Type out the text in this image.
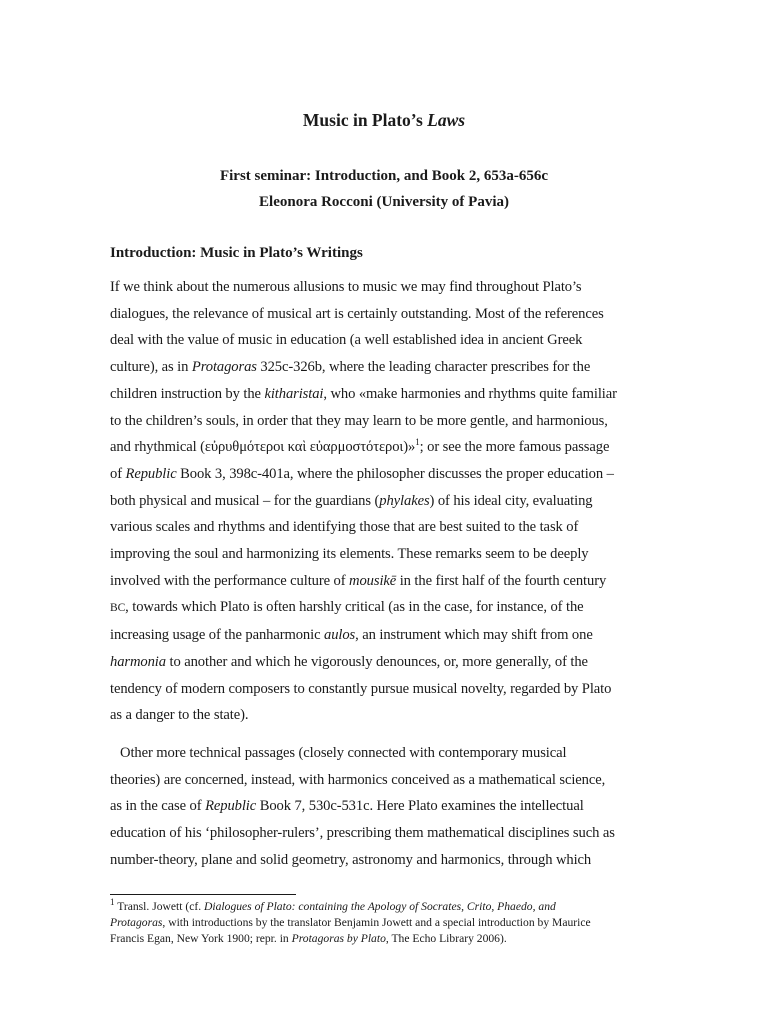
Music in Plato’s Laws
First seminar: Introduction, and Book 2, 653a-656c
Eleonora Rocconi (University of Pavia)
Introduction: Music in Plato’s Writings
If we think about the numerous allusions to music we may find throughout Plato’s
dialogues, the relevance of musical art is certainly outstanding. Most of the references
deal with the value of music in education (a well established idea in ancient Greek
culture), as in Protagoras 325c-326b, where the leading character prescribes for the
children instruction by the kitharistai, who «make harmonies and rhythms quite familiar
to the children’s souls, in order that they may learn to be more gentle, and harmonious,
and rhythmical (εὐρυθμότεροι καὶ εὐαρμοστότεροι)»$^1$; or see the more famous passage
of Republic Book 3, 398c-401a, where the philosopher discusses the proper education –
both physical and musical – for the guardians (phylakes) of his ideal city, evaluating
various scales and rhythms and identifying those that are best suited to the task of
improving the soul and harmonizing its elements. These remarks seem to be deeply
involved with the performance culture of mousikē in the first half of the fourth century
BC, towards which Plato is often harshly critical (as in the case, for instance, of the
increasing usage of the panharmonic aulos, an instrument which may shift from one
harmonia to another and which he vigorously denounces, or, more generally, of the
tendency of modern composers to constantly pursue musical novelty, regarded by Plato
as a danger to the state).
Other more technical passages (closely connected with contemporary musical
theories) are concerned, instead, with harmonics conceived as a mathematical science,
as in the case of Republic Book 7, 530c-531c. Here Plato examines the intellectual
education of his ‘philosopher-rulers’, prescribing them mathematical disciplines such as
number-theory, plane and solid geometry, astronomy and harmonics, through which
$^1$ Transl. Jowett (cf. Dialogues of Plato: containing the Apology of Socrates, Crito, Phaedo, and
Protagoras, with introductions by the translator Benjamin Jowett and a special introduction by Maurice
Francis Egan, New York 1900; repr. in Protagoras by Plato, The Echo Library 2006).
